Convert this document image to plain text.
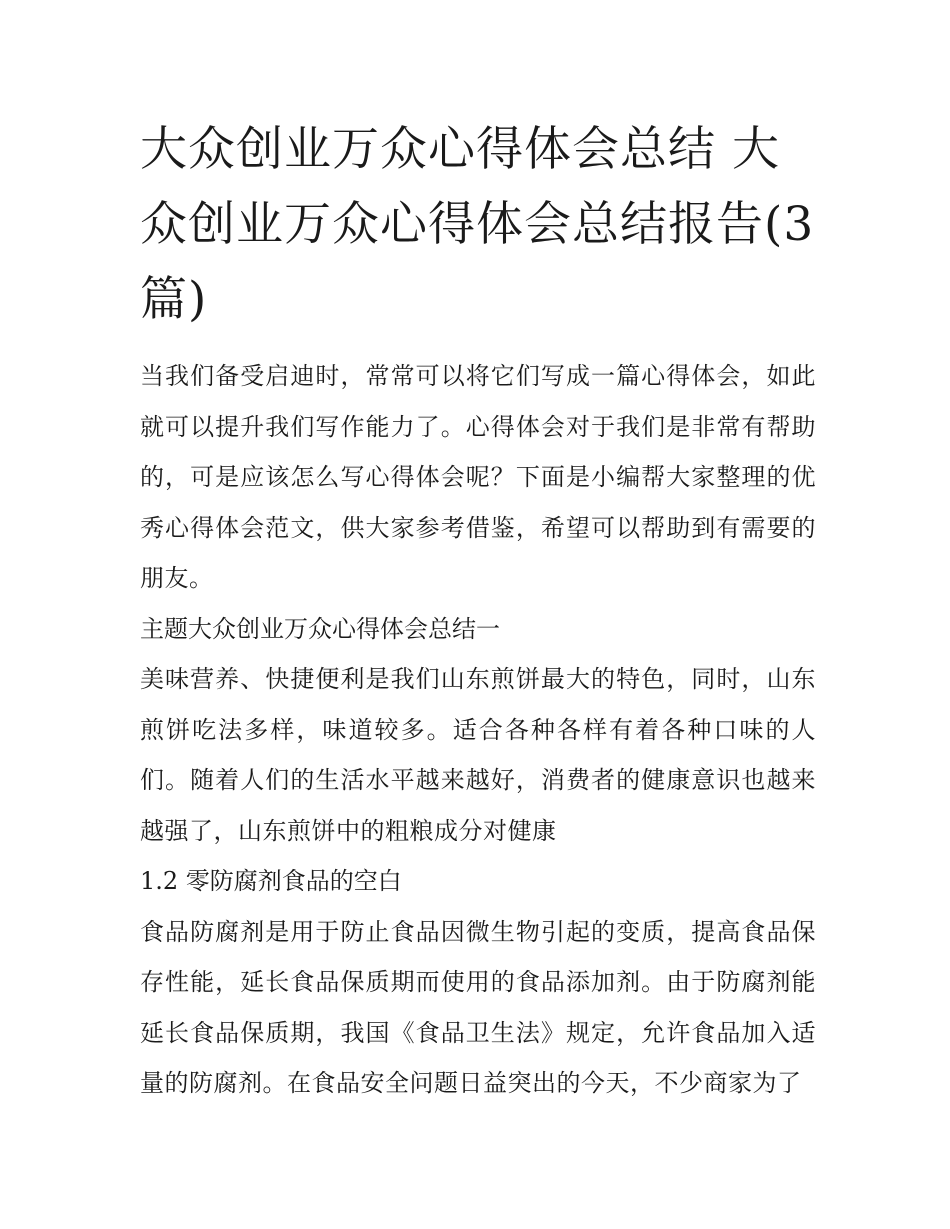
大众创业万众心得体会总结 大众创业万众心得体会总结报告(3篇)

当我们备受启迪时，常常可以将它们写成一篇心得体会，如此就可以提升我们写作能力了。心得体会对于我们是非常有帮助的，可是应该怎么写心得体会呢？下面是小编帮大家整理的优秀心得体会范文，供大家参考借鉴，希望可以帮助到有需要的朋友。

主题大众创业万众心得体会总结一

美味营养、快捷便利是我们山东煎饼最大的特色，同时，山东煎饼吃法多样，味道较多。适合各种各样有着各种口味的人们。随着人们的生活水平越来越好，消费者的健康意识也越来越强了，山东煎饼中的粗粮成分对健康

1.2 零防腐剂食品的空白

食品防腐剂是用于防止食品因微生物引起的变质，提高食品保存性能，延长食品保质期而使用的食品添加剂。由于防腐剂能延长食品保质期，我国《食品卫生法》规定，允许食品加入适量的防腐剂。在食品安全问题日益突出的今天，不少商家为了
